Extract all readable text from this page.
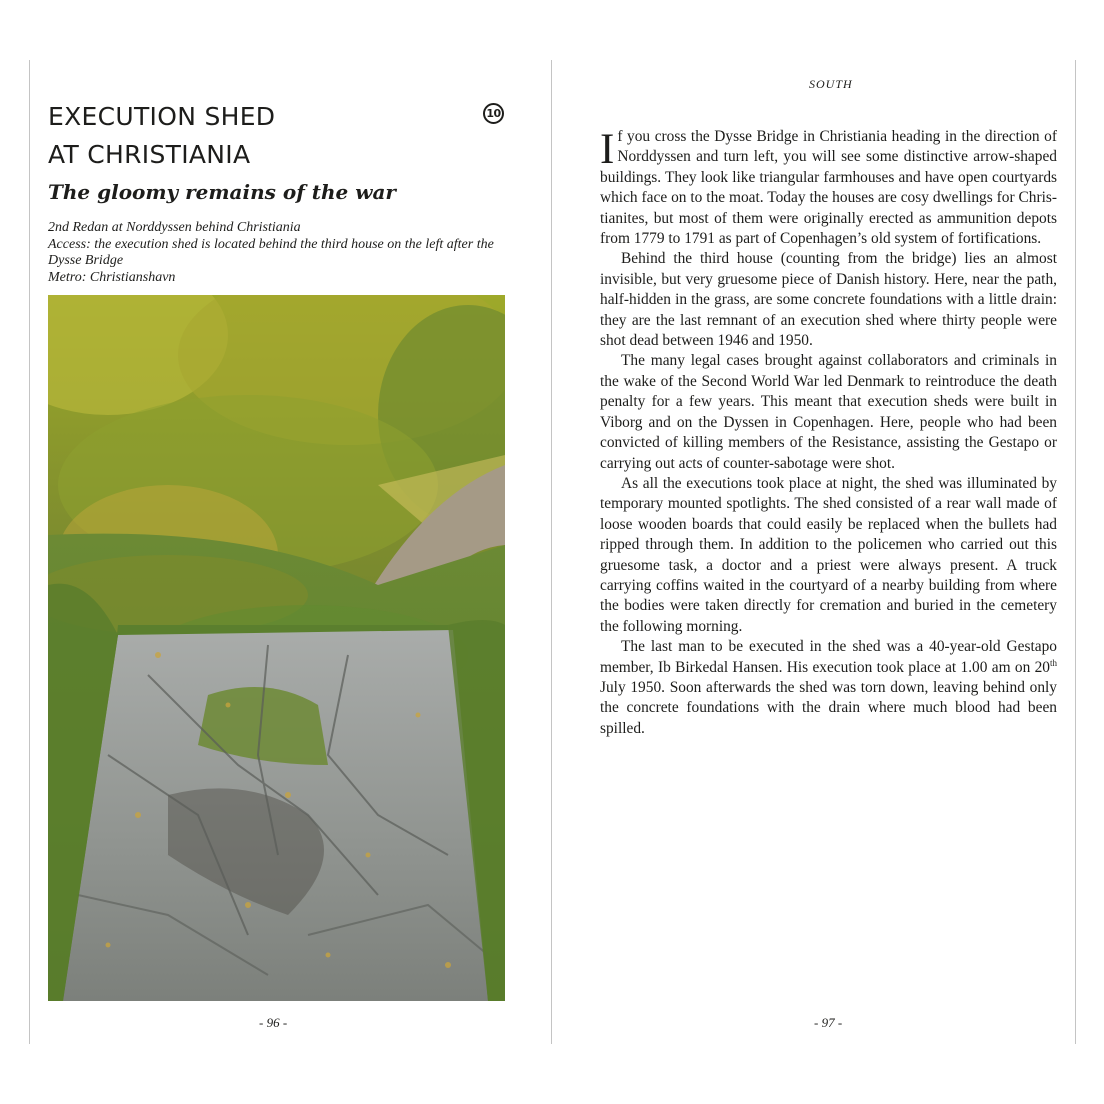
EXECUTION SHED
AT CHRISTIANIA
10
The gloomy remains of the war
2nd Redan at Norddyssen behind Christiania
Access: the execution shed is located behind the third house on the left after the Dysse Bridge
Metro: Christianshavn
- 96 -
SOUTH

If you cross the Dysse Bridge in Christiania heading in the direction of Norddyssen and turn left, you will see some distinctive arrow-shaped buildings. They look like triangular farmhouses and have open courtyards which face on to the moat. Today the houses are cosy dwellings for Christianites, but most of them were originally erected as ammunition depots from 1779 to 1791 as part of Copenhagen’s old system of fortifications.

Behind the third house (counting from the bridge) lies an almost invisible, but very gruesome piece of Danish history. Here, near the path, half-hidden in the grass, are some concrete foundations with a little drain: they are the last remnant of an execution shed where thirty people were shot dead between 1946 and 1950.

The many legal cases brought against collaborators and criminals in the wake of the Second World War led Denmark to reintroduce the death penalty for a few years. This meant that execution sheds were built in Viborg and on the Dyssen in Copenhagen. Here, people who had been convicted of killing members of the Resistance, assisting the Gestapo or carrying out acts of counter-sabotage were shot.

As all the executions took place at night, the shed was illuminated by temporary mounted spotlights. The shed consisted of a rear wall made of loose wooden boards that could easily be replaced when the bullets had ripped through them. In addition to the policemen who carried out this gruesome task, a doctor and a priest were always present. A truck carrying coffins waited in the courtyard of a nearby building from where the bodies were taken directly for cremation and buried in the cemetery the following morning.

The last man to be executed in the shed was a 40-year-old Gestapo member, Ib Birkedal Hansen. His execution took place at 1.00 am on 20th July 1950. Soon afterwards the shed was torn down, leaving behind only the concrete foundations with the drain where much blood had been spilled.

- 97 -
